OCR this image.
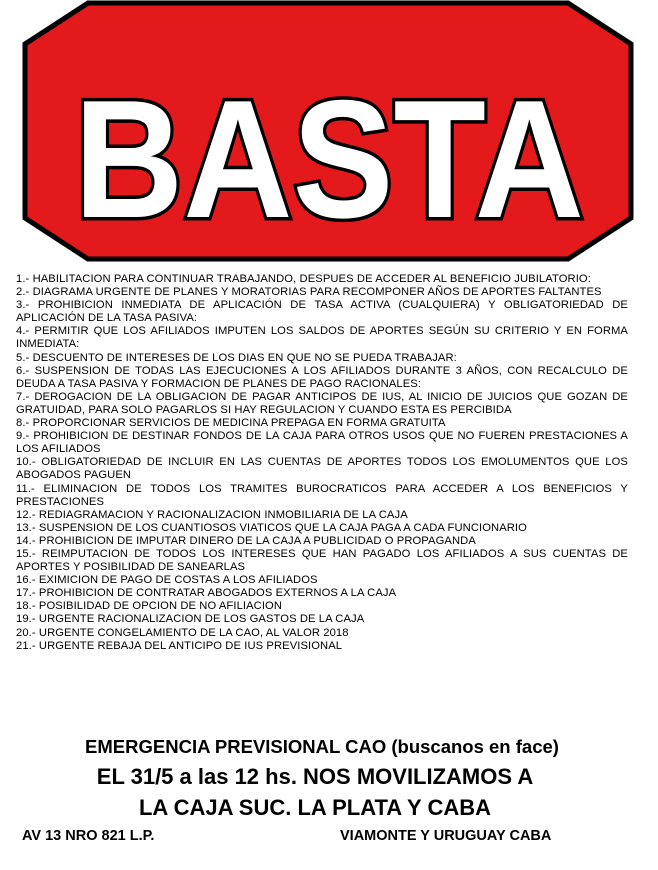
BASTA
1.- HABILITACION PARA CONTINUAR TRABAJANDO, DESPUES DE ACCEDER AL BENEFICIO JUBILATORIO:
2.- DIAGRAMA URGENTE DE PLANES Y MORATORIAS PARA RECOMPONER AÑOS DE APORTES FALTANTES
3.- PROHIBICION INMEDIATA DE APLICACIÓN DE TASA ACTIVA (CUALQUIERA) Y OBLIGATORIEDAD DE APLICACIÓN DE LA TASA PASIVA:
4.- PERMITIR QUE LOS AFILIADOS IMPUTEN LOS SALDOS DE APORTES SEGÚN SU CRITERIO Y EN FORMA INMEDIATA:
5.- DESCUENTO DE INTERESES DE LOS DIAS EN QUE NO SE PUEDA TRABAJAR:
6.- SUSPENSION DE TODAS LAS EJECUCIONES A LOS AFILIADOS DURANTE 3 AÑOS, CON RECALCULO DE DEUDA A TASA PASIVA Y FORMACION DE PLANES DE PAGO RACIONALES:
7.- DEROGACION DE LA OBLIGACION DE PAGAR ANTICIPOS DE IUS, AL INICIO DE JUICIOS QUE GOZAN DE GRATUIDAD, PARA SOLO PAGARLOS SI HAY REGULACION Y CUANDO ESTA ES PERCIBIDA
8.- PROPORCIONAR SERVICIOS DE MEDICINA PREPAGA EN FORMA GRATUITA
9.- PROHIBICION DE DESTINAR FONDOS DE LA CAJA PARA OTROS USOS QUE NO FUEREN PRESTACIONES A LOS AFILIADOS
10.- OBLIGATORIEDAD DE INCLUIR EN LAS CUENTAS DE APORTES TODOS LOS EMOLUMENTOS QUE LOS ABOGADOS PAGUEN
11.- ELIMINACION DE TODOS LOS TRAMITES BUROCRATICOS PARA ACCEDER A LOS BENEFICIOS Y PRESTACIONES
12.- REDIAGRAMACION Y RACIONALIZACION INMOBILIARIA DE LA CAJA
13.- SUSPENSION DE LOS CUANTIOSOS VIATICOS QUE LA CAJA PAGA A CADA FUNCIONARIO
14.- PROHIBICION DE IMPUTAR DINERO DE LA CAJA A PUBLICIDAD O PROPAGANDA
15.- REIMPUTACION DE TODOS LOS INTERESES QUE HAN PAGADO LOS AFILIADOS A SUS CUENTAS DE APORTES Y POSIBILIDAD DE SANEARLAS
16.- EXIMICION DE PAGO DE COSTAS A LOS AFILIADOS
17.- PROHIBICION DE CONTRATAR ABOGADOS EXTERNOS A LA CAJA
18.- POSIBILIDAD DE OPCION DE NO AFILIACION
19.- URGENTE RACIONALIZACION DE LOS GASTOS DE LA CAJA
20.- URGENTE CONGELAMIENTO DE LA CAO, AL VALOR 2018
21.- URGENTE REBAJA DEL ANTICIPO DE IUS PREVISIONAL
EMERGENCIA PREVISIONAL CAO (buscanos en face)
EL 31/5 a las 12 hs. NOS MOVILIZAMOS A
LA CAJA SUC. LA PLATA Y CABA
AV 13 NRO 821 L.P.	VIAMONTE Y URUGUAY CABA
